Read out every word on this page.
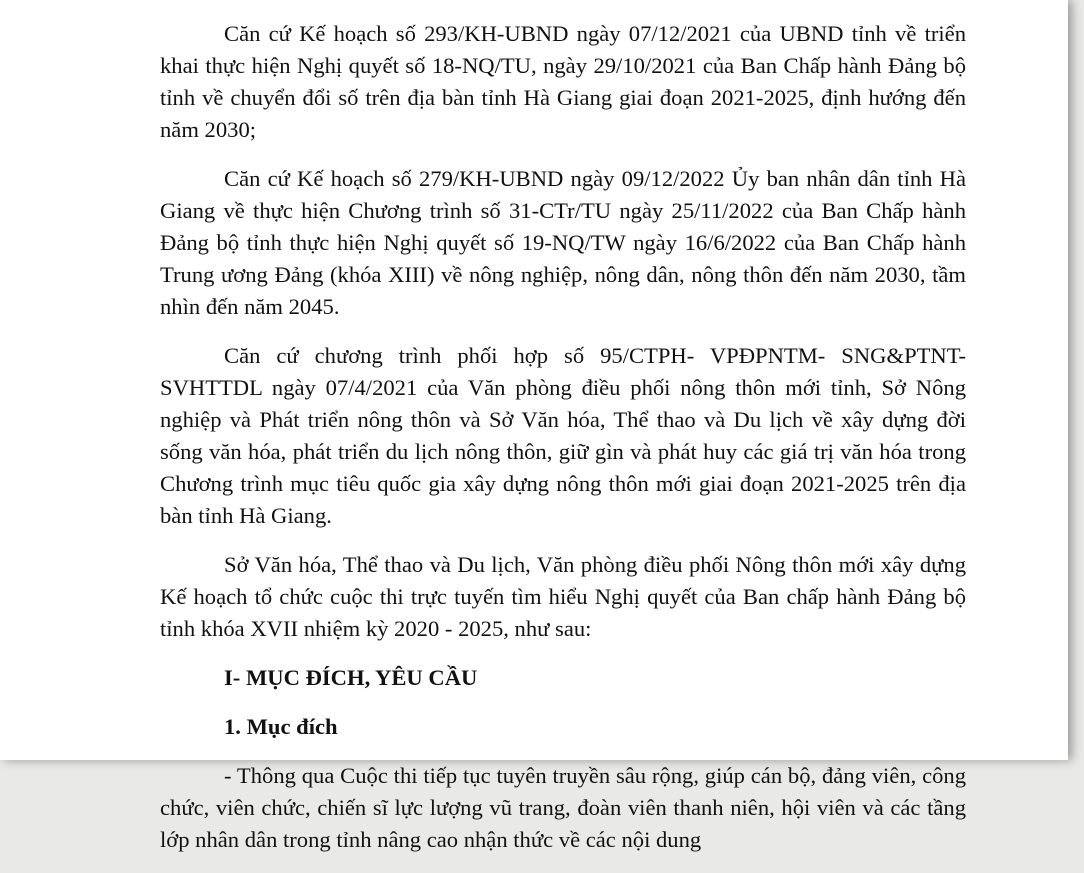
Căn cứ Kế hoạch số 293/KH-UBND ngày 07/12/2021 của UBND tỉnh về triển khai thực hiện Nghị quyết số 18-NQ/TU, ngày 29/10/2021 của Ban Chấp hành Đảng bộ tỉnh về chuyển đổi số trên địa bàn tỉnh Hà Giang giai đoạn 2021-2025, định hướng đến năm 2030;

Căn cứ Kế hoạch số 279/KH-UBND ngày 09/12/2022 Ủy ban nhân dân tỉnh Hà Giang về thực hiện Chương trình số 31-CTr/TU ngày 25/11/2022 của Ban Chấp hành Đảng bộ tỉnh thực hiện Nghị quyết số 19-NQ/TW ngày 16/6/2022 của Ban Chấp hành Trung ương Đảng (khóa XIII) về nông nghiệp, nông dân, nông thôn đến năm 2030, tầm nhìn đến năm 2045.

Căn cứ chương trình phối hợp số 95/CTPH- VPĐPNTM- SNG&PTNT-SVHTTDL ngày 07/4/2021 của Văn phòng điều phối nông thôn mới tỉnh, Sở Nông nghiệp và Phát triển nông thôn và Sở Văn hóa, Thể thao và Du lịch về xây dựng đời sống văn hóa, phát triển du lịch nông thôn, giữ gìn và phát huy các giá trị văn hóa trong Chương trình mục tiêu quốc gia xây dựng nông thôn mới giai đoạn 2021-2025 trên địa bàn tỉnh Hà Giang.

Sở Văn hóa, Thể thao và Du lịch, Văn phòng điều phối Nông thôn mới xây dựng Kế hoạch tổ chức cuộc thi trực tuyến tìm hiểu Nghị quyết của Ban chấp hành Đảng bộ tỉnh khóa XVII nhiệm kỳ 2020 - 2025, như sau:

I- MỤC ĐÍCH, YÊU CẦU
1. Mục đích

- Thông qua Cuộc thi tiếp tục tuyên truyền sâu rộng, giúp cán bộ, đảng viên, công chức, viên chức, chiến sĩ lực lượng vũ trang, đoàn viên thanh niên, hội viên và các tầng lớp nhân dân trong tỉnh nâng cao nhận thức về các nội dung
